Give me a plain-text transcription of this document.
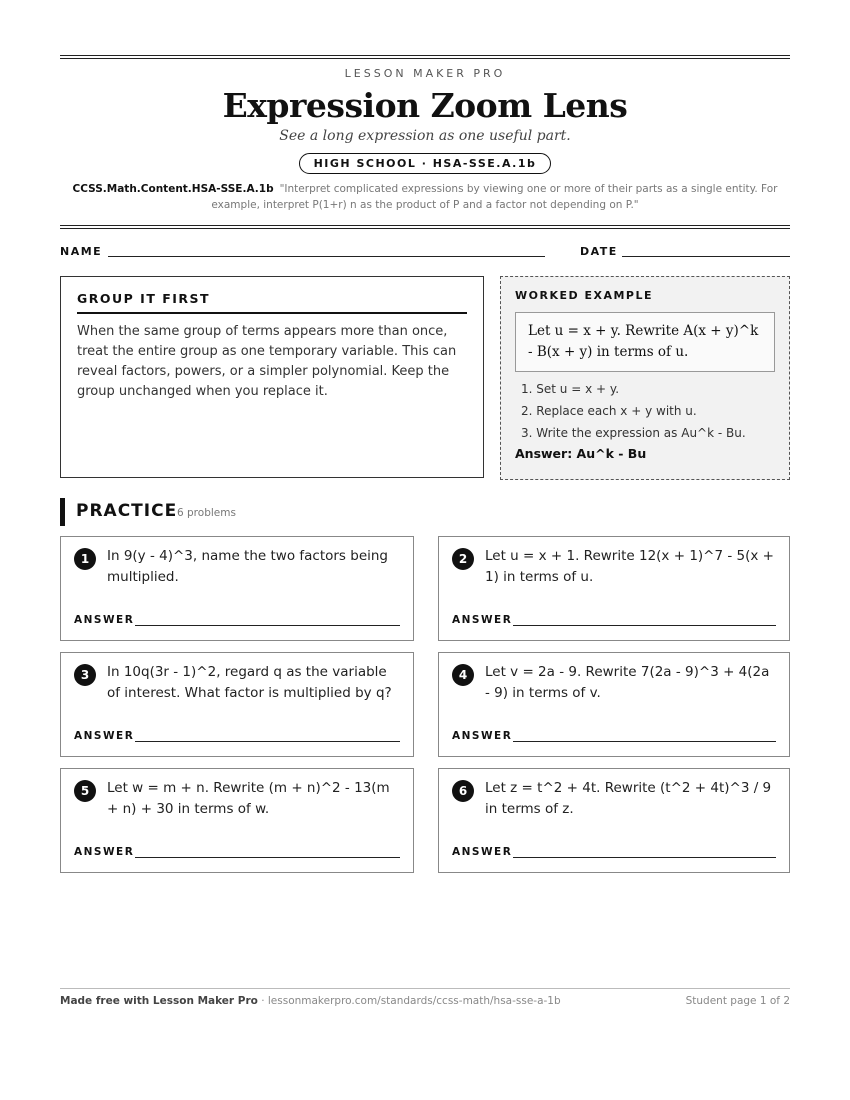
LESSON MAKER PRO
Expression Zoom Lens
See a long expression as one useful part.
HIGH SCHOOL · HSA-SSE.A.1b
CCSS.Math.Content.HSA-SSE.A.1b "Interpret complicated expressions by viewing one or more of their parts as a single entity. For example, interpret P(1+r) n as the product of P and a factor not depending on P."
NAME	DATE
GROUP IT FIRST
When the same group of terms appears more than once, treat the entire group as one temporary variable. This can reveal factors, powers, or a simpler polynomial. Keep the group unchanged when you replace it.
WORKED EXAMPLE
Let u = x + y. Rewrite A(x + y)^k - B(x + y) in terms of u.
1. Set u = x + y.
2. Replace each x + y with u.
3. Write the expression as Au^k - Bu.
Answer: Au^k - Bu
PRACTICE 6 problems
1	In 9(y - 4)^3, name the two factors being multiplied.
ANSWER
2	Let u = x + 1. Rewrite 12(x + 1)^7 - 5(x + 1) in terms of u.
ANSWER
3	In 10q(3r - 1)^2, regard q as the variable of interest. What factor is multiplied by q?
ANSWER
4	Let v = 2a - 9. Rewrite 7(2a - 9)^3 + 4(2a - 9) in terms of v.
ANSWER
5	Let w = m + n. Rewrite (m + n)^2 - 13(m + n) + 30 in terms of w.
ANSWER
6	Let z = t^2 + 4t. Rewrite (t^2 + 4t)^3 / 9 in terms of z.
ANSWER
Made free with Lesson Maker Pro · lessonmakerpro.com/standards/ccss-math/hsa-sse-a-1b	Student page 1 of 2
